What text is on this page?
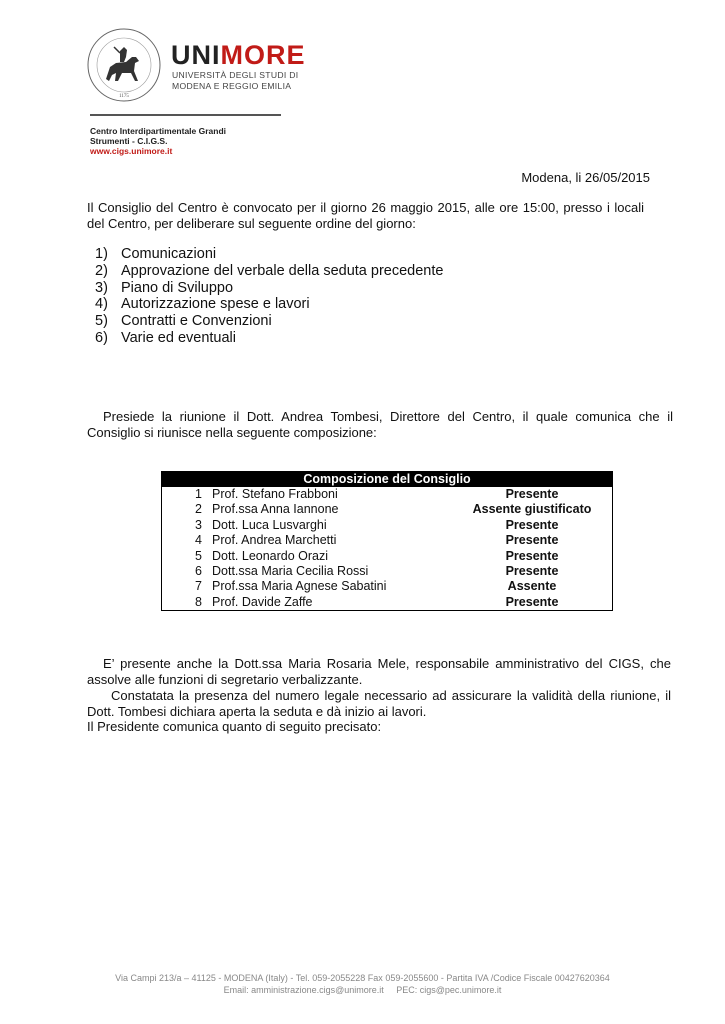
1175
UNIMORE
UNIVERSITÀ DEGLI STUDI DI
MODENA E REGGIO EMILIA
Centro Interdipartimentale Grandi
Strumenti - C.I.G.S.
www.cigs.unimore.it
Modena, li 26/05/2015
Il Consiglio del Centro è convocato per il giorno 26 maggio 2015, alle ore 15:00, presso i locali del Centro, per deliberare sul seguente ordine del giorno:
1) Comunicazioni
2) Approvazione del verbale della seduta precedente
3) Piano di Sviluppo
4) Autorizzazione spese e lavori
5) Contratti e Convenzioni
6) Varie ed eventuali
Presiede la riunione il Dott. Andrea Tombesi, Direttore del Centro, il quale comunica che il Consiglio si riunisce nella seguente composizione:
Composizione del Consiglio		
1	Prof. Stefano Frabboni	Presente
2	Prof.ssa Anna Iannone	Assente giustificato
3	Dott. Luca Lusvarghi	Presente
4	Prof. Andrea Marchetti	Presente
5	Dott. Leonardo Orazi	Presente
6	Dott.ssa Maria Cecilia Rossi	Presente
7	Prof.ssa Maria Agnese Sabatini	Assente
8	Prof. Davide Zaffe	Presente
E’ presente anche la Dott.ssa Maria Rosaria Mele, responsabile amministrativo del CIGS, che assolve alle funzioni di segretario verbalizzante.
Constatata la presenza del numero legale necessario ad assicurare la validità della riunione, il Dott. Tombesi dichiara aperta la seduta e dà inizio ai lavori.
Il Presidente comunica quanto di seguito precisato:
Via Campi 213/a – 41125 - MODENA (Italy) - Tel. 059-2055228 Fax 059-2055600 - Partita IVA /Codice Fiscale 00427620364
Email: amministrazione.cigs@unimore.it     PEC: cigs@pec.unimore.it
